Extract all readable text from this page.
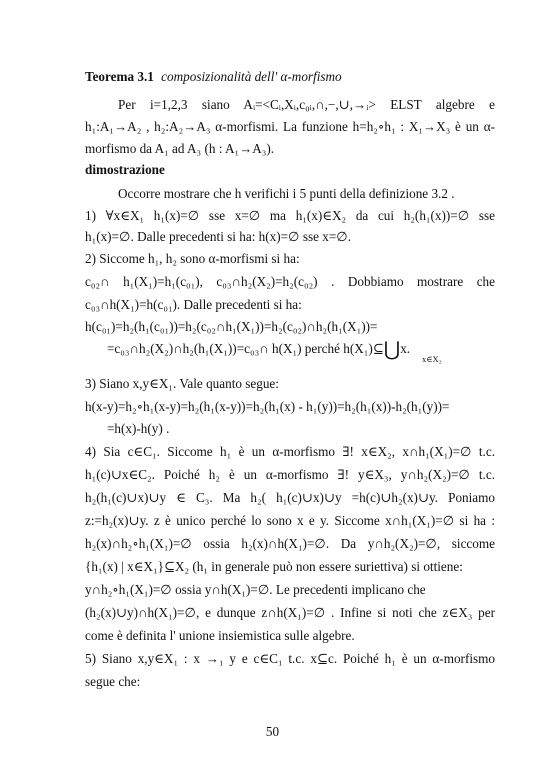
Teorema 3.1 composizionalità dell' α-morfismo
Per i=1,2,3 siano Aᵢ=<Cᵢ,Xᵢ,c₀ᵢ,∩,−,∪,→ᵢ> ELST algebre e
h₁:A₁→A₂ , h₂:A₂→A₃ α-morfismi. La funzione h=h₂∘h₁ : X₁→X₃ è un α-
morfismo da A₁ ad A₃ (h : A₁→A₃).
dimostrazione
Occorre mostrare che h verifichi i 5 punti della definizione 3.2 .
1) ∀x∈X₁ h₁(x)=∅ sse x=∅ ma h₁(x)∈X₂ da cui h₂(h₁(x))=∅ sse
h₁(x)=∅. Dalle precedenti si ha: h(x)=∅ sse x=∅.
2) Siccome h₁, h₂ sono α-morfismi si ha:
c₀₂∩ h₁(X₁)=h₁(c₀₁), c₀₃∩h₂(X₂)=h₂(c₀₂) . Dobbiamo mostrare che
c₀₃∩h(X₁)=h(c₀₁). Dalle precedenti si ha:
h(c₀₁)=h₂(h₁(c₀₁))=h₂(c₀₂∩h₁(X₁))=h₂(c₀₂)∩h₂(h₁(X₁))=
=c₀₃∩h₂(X₂)∩h₂(h₁(X₁))=c₀₃∩ h(X₁) perché h(X₁)⊆⋃x.
x∈X₂
3) Siano x,y∈X₁. Vale quanto segue:
h(x-y)=h₂∘h₁(x-y)=h₂(h₁(x-y))=h₂(h₁(x) - h₁(y))=h₂(h₁(x))-h₂(h₁(y))=
=h(x)-h(y) .
4) Sia c∈C₁. Siccome h₁ è un α-morfismo ∃! x∈X₂, x∩h₁(X₁)=∅ t.c.
h₁(c)∪x∈C₂. Poiché h₂ è un α-morfismo ∃! y∈X₃, y∩h₂(X₂)=∅ t.c.
h₂(h₁(c)∪x)∪y ∈ C₃. Ma h₂( h₁(c)∪x)∪y =h(c)∪h₂(x)∪y. Poniamo
z:=h₂(x)∪y. z è unico perché lo sono x e y. Siccome x∩h₁(X₁)=∅ si ha :
h₂(x)∩h₂∘h₁(X₁)=∅ ossia h₂(x)∩h(X₁)=∅. Da y∩h₂(X₂)=∅, siccome
{h₁(x) | x∈X₁}⊆X₂ (h₁ in generale può non essere suriettiva) si ottiene:
y∩h₂∘h₁(X₁)=∅ ossia y∩h(X₁)=∅. Le precedenti implicano che
(h₂(x)∪y)∩h(X₁)=∅, e dunque z∩h(X₁)=∅ . Infine si noti che z∈X₃ per
come è definita l' unione insiemistica sulle algebre.
5) Siano x,y∈X₁ : x →₁ y e c∈C₁ t.c. x⊆c. Poiché h₁ è un α-morfismo
segue che:
50
